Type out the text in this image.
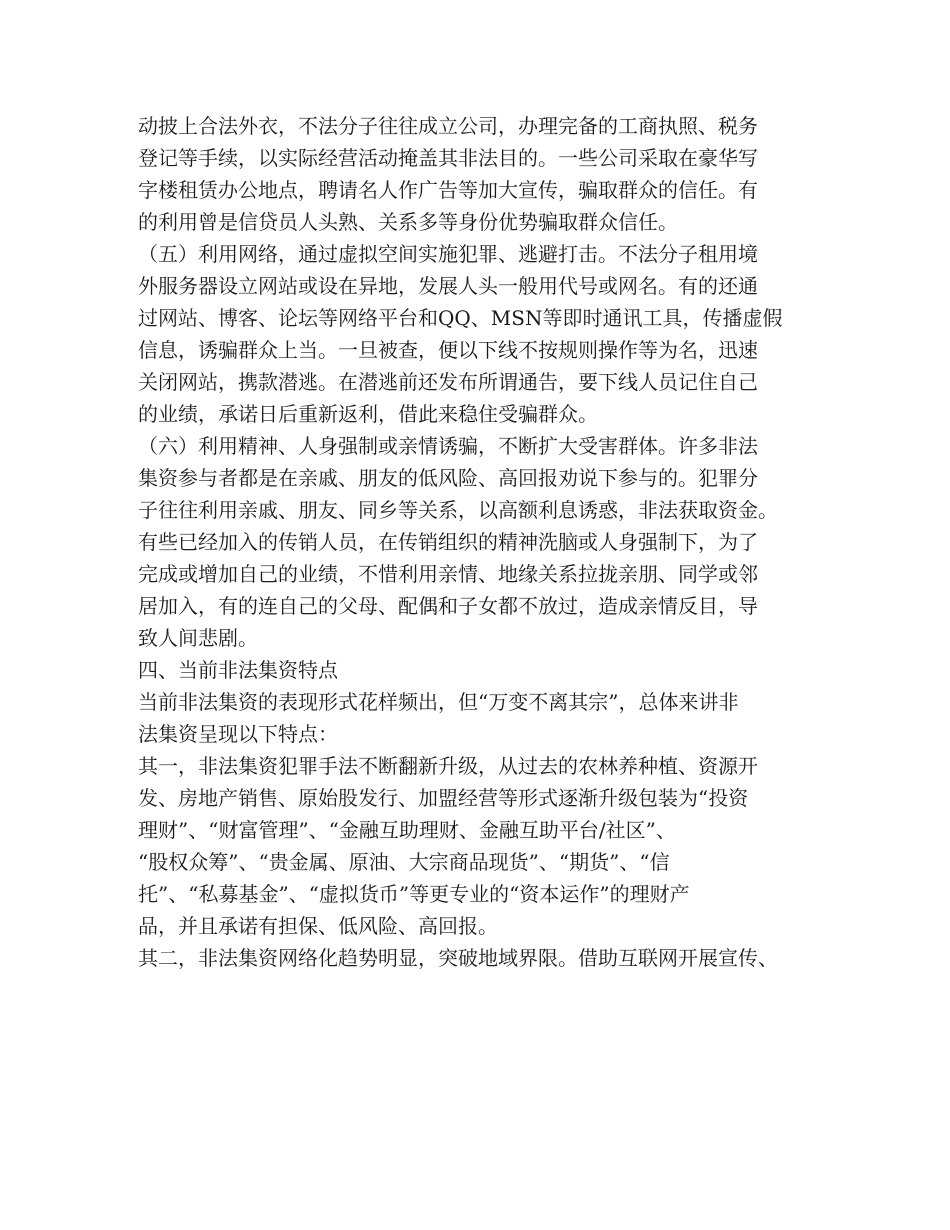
动披上合法外衣，不法分子往往成立公司，办理完备的工商执照、税务
登记等手续，以实际经营活动掩盖其非法目的。一些公司采取在豪华写
字楼租赁办公地点，聘请名人作广告等加大宣传，骗取群众的信任。有
的利用曾是信贷员人头熟、关系多等身份优势骗取群众信任。
（五）利用网络，通过虚拟空间实施犯罪、逃避打击。不法分子租用境
外服务器设立网站或设在异地，发展人头一般用代号或网名。有的还通
过网站、博客、论坛等网络平台和QQ、MSN等即时通讯工具，传播虚假
信息，诱骗群众上当。一旦被查，便以下线不按规则操作等为名，迅速
关闭网站，携款潜逃。在潜逃前还发布所谓通告，要下线人员记住自己
的业绩，承诺日后重新返利，借此来稳住受骗群众。
（六）利用精神、人身强制或亲情诱骗，不断扩大受害群体。许多非法
集资参与者都是在亲戚、朋友的低风险、高回报劝说下参与的。犯罪分
子往往利用亲戚、朋友、同乡等关系，以高额利息诱惑，非法获取资金。
有些已经加入的传销人员，在传销组织的精神洗脑或人身强制下，为了
完成或增加自己的业绩，不惜利用亲情、地缘关系拉拢亲朋、同学或邻
居加入，有的连自己的父母、配偶和子女都不放过，造成亲情反目，导
致人间悲剧。
四、当前非法集资特点
当前非法集资的表现形式花样频出，但“万变不离其宗”，总体来讲非
法集资呈现以下特点：
其一，非法集资犯罪手法不断翻新升级，从过去的农林养种植、资源开
发、房地产销售、原始股发行、加盟经营等形式逐渐升级包装为“投资
理财”、“财富管理”、“金融互助理财、金融互助平台/社区”、
“股权众筹”、“贵金属、原油、大宗商品现货”、“期货”、“信
托”、“私募基金”、“虚拟货币”等更专业的“资本运作”的理财产
品，并且承诺有担保、低风险、高回报。
其二，非法集资网络化趋势明显，突破地域界限。借助互联网开展宣传、
